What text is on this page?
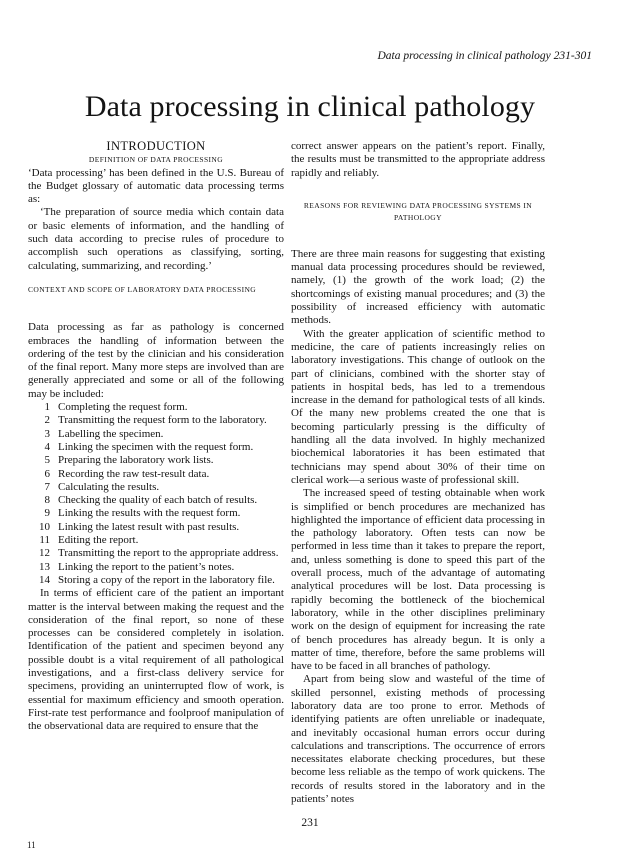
Data processing in clinical pathology 231-301
Data processing in clinical pathology

INTRODUCTION

DEFINITION OF DATA PROCESSING

‘Data processing’ has been defined in the U.S. Bureau of the Budget glossary of automatic data processing terms as:

‘The preparation of source media which contain data or basic elements of information, and the handling of such data according to precise rules of procedure to accomplish such operations as classifying, sorting, calculating, summarizing, and recording.’

CONTEXT AND SCOPE OF LABORATORY DATA PROCESSING

Data processing as far as pathology is concerned embraces the handling of information between the ordering of the test by the clinician and his consideration of the final report. Many more steps are involved than are generally appreciated and some or all of the following may be included:

1 Completing the request form.
2 Transmitting the request form to the laboratory.
3 Labelling the specimen.
4 Linking the specimen with the request form.
5 Preparing the laboratory work lists.
6 Recording the raw test-result data.
7 Calculating the results.
8 Checking the quality of each batch of results.
9 Linking the results with the request form.
10 Linking the latest result with past results.
11 Editing the report.
12 Transmitting the report to the appropriate address.
13 Linking the report to the patient’s notes.
14 Storing a copy of the report in the laboratory file.

In terms of efficient care of the patient an important matter is the interval between making the request and the consideration of the final report, so none of these processes can be considered completely in isolation. Identification of the patient and specimen beyond any possible doubt is a vital requirement of all pathological investigations, and a first-class delivery service for specimens, providing an uninterrupted flow of work, is essential for maximum efficiency and smooth operation. First-rate test performance and foolproof manipulation of the observational data are required to ensure that the

correct answer appears on the patient’s report. Finally, the results must be transmitted to the appropriate address rapidly and reliably.

REASONS FOR REVIEWING DATA PROCESSING SYSTEMS IN PATHOLOGY

There are three main reasons for suggesting that existing manual data processing procedures should be reviewed, namely, (1) the growth of the work load; (2) the shortcomings of existing manual procedures; and (3) the possibility of increased efficiency with automatic methods.

With the greater application of scientific method to medicine, the care of patients increasingly relies on laboratory investigations. This change of outlook on the part of clinicians, combined with the shorter stay of patients in hospital beds, has led to a tremendous increase in the demand for pathological tests of all kinds. Of the many new problems created the one that is becoming particularly pressing is the difficulty of handling all the data involved. In highly mechanized biochemical laboratories it has been estimated that technicians may spend about 30% of their time on clerical work—a serious waste of professional skill.

The increased speed of testing obtainable when work is simplified or bench procedures are mechanized has highlighted the importance of efficient data processing in the pathology laboratory. Often tests can now be performed in less time than it takes to prepare the report, and, unless something is done to speed this part of the overall process, much of the advantage of automating analytical procedures will be lost. Data processing is rapidly becoming the bottleneck of the biochemical laboratory, while in the other disciplines preliminary work on the design of equipment for increasing the rate of bench procedures has already begun. It is only a matter of time, therefore, before the same problems will have to be faced in all branches of pathology.

Apart from being slow and wasteful of the time of skilled personnel, existing methods of processing laboratory data are too prone to error. Methods of identifying patients are often unreliable or inadequate, and inevitably occasional human errors occur during calculations and transcriptions. The occurrence of errors necessitates elaborate checking procedures, but these become less reliable as the tempo of work quickens. The records of results stored in the laboratory and in the patients’ notes

231
11
